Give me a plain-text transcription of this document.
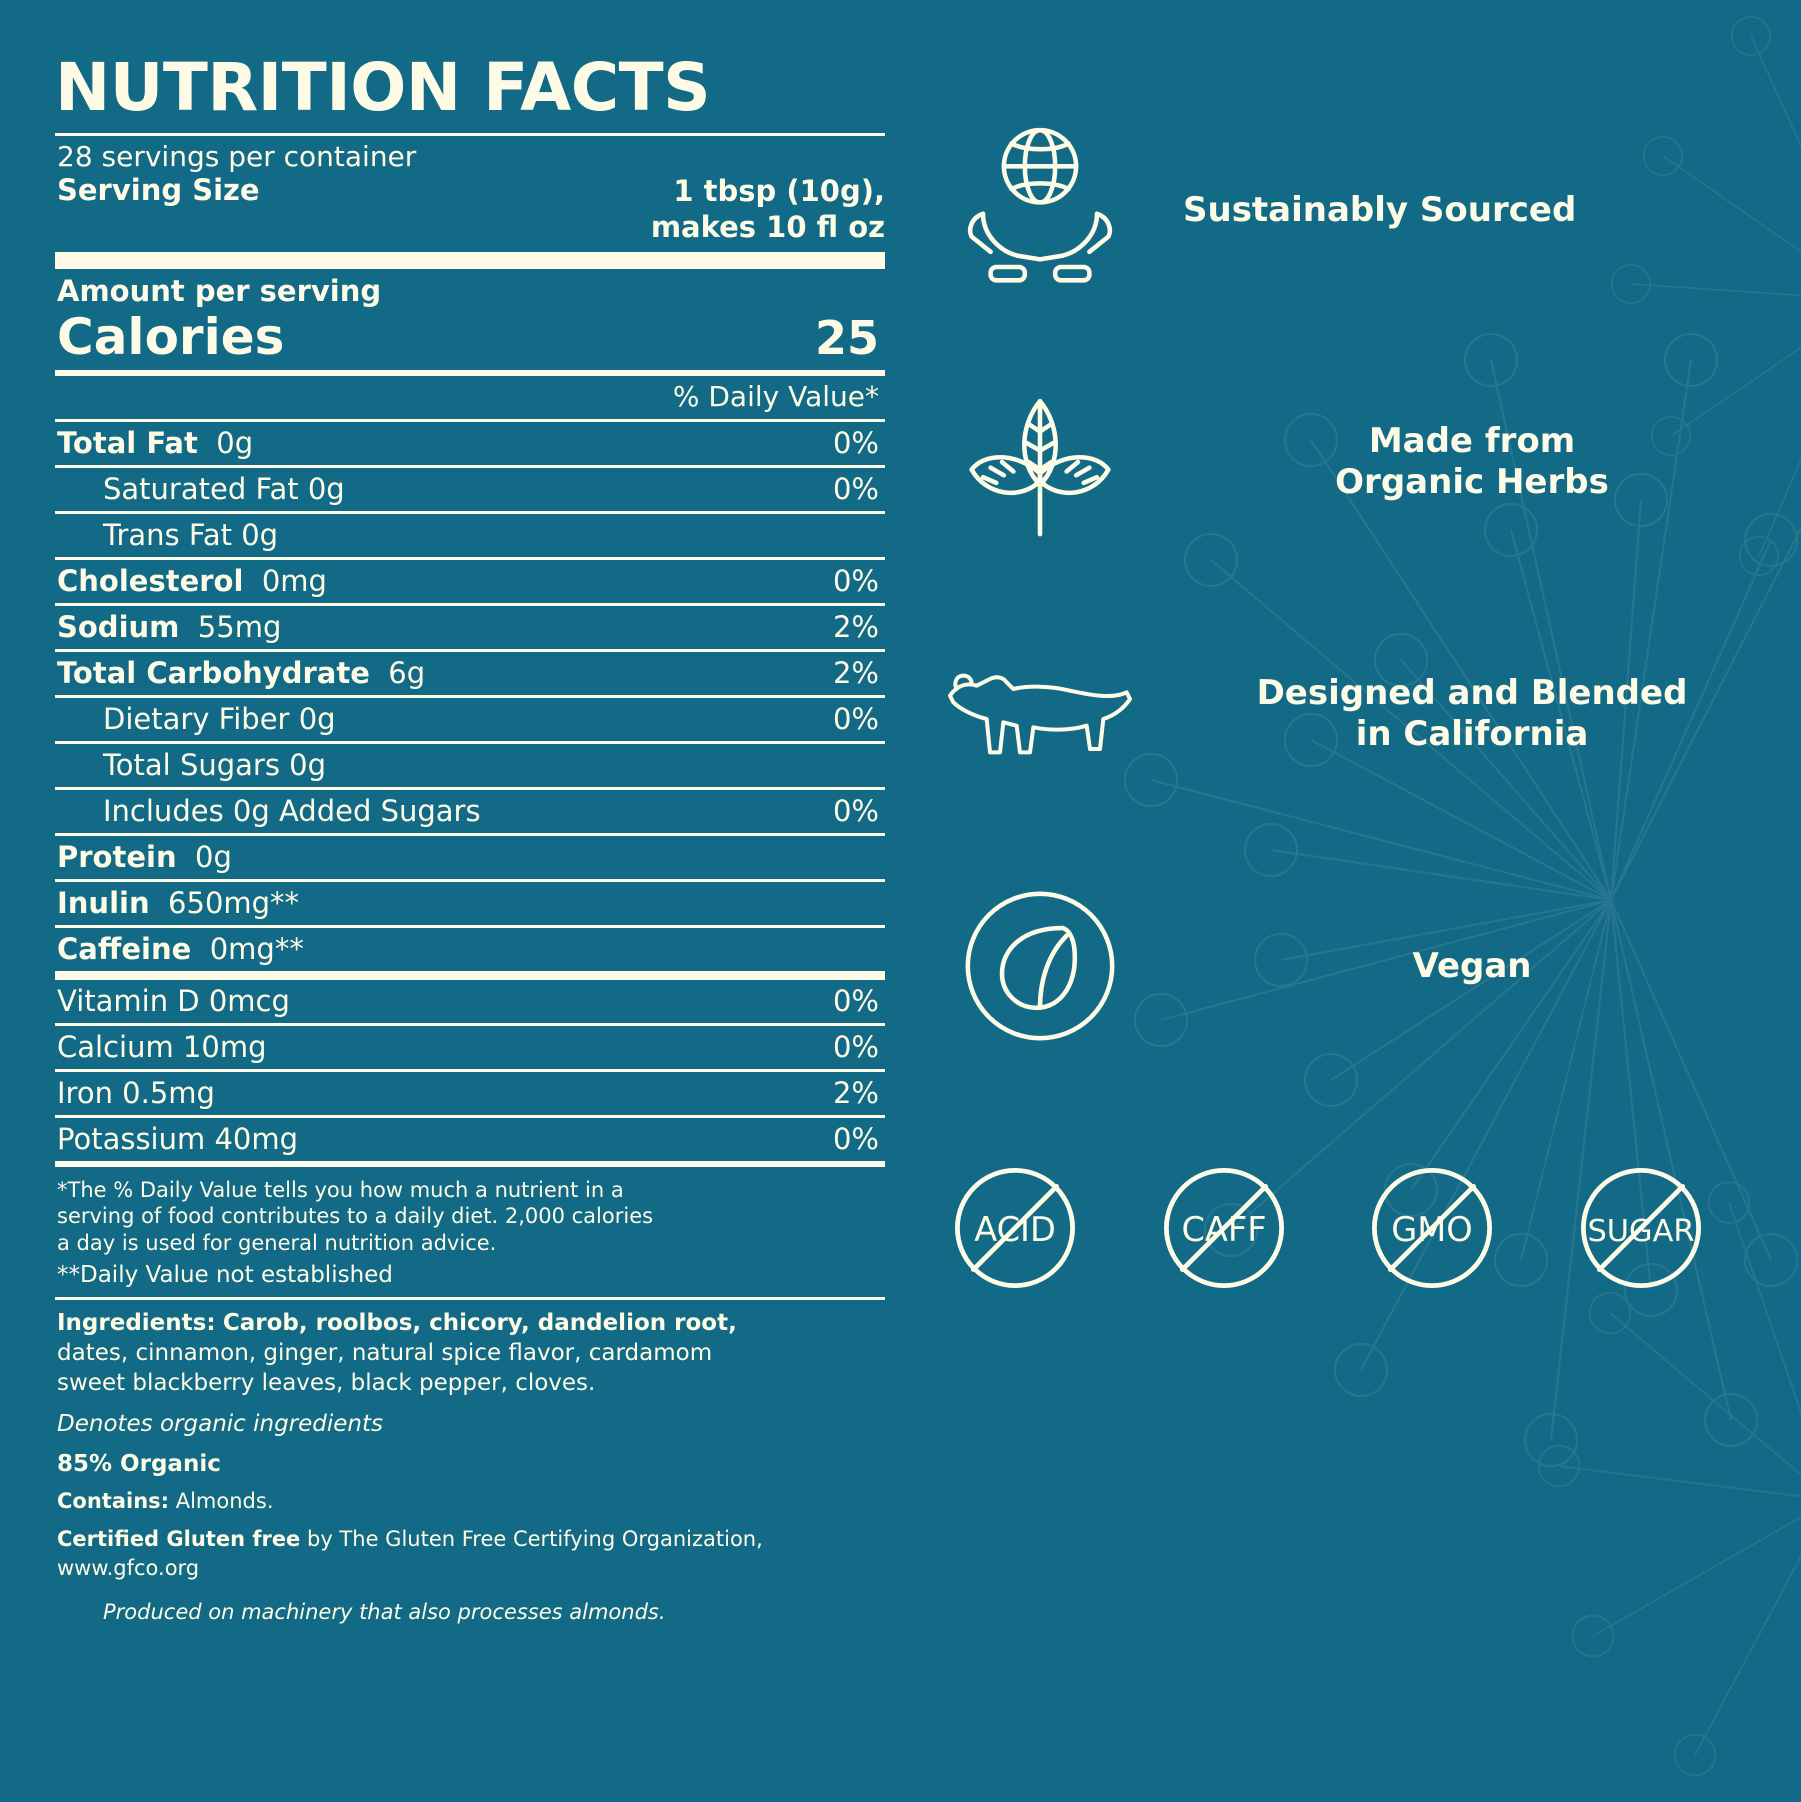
NUTRITION FACTS
28 servings per container
Serving Size	1 tbsp (10g),
makes 10 fl oz
Amount per serving
Calories	25
% Daily Value*
Total Fat  0g	0%
Saturated Fat 0g	0%
Trans Fat 0g
Cholesterol  0mg	0%
Sodium  55mg	2%
Total Carbohydrate  6g	2%
Dietary Fiber 0g	0%
Total Sugars 0g
Includes 0g Added Sugars	0%
Protein  0g
Inulin  650mg**
Caffeine  0mg**
Vitamin D 0mcg	0%
Calcium 10mg	0%
Iron 0.5mg	2%
Potassium 40mg	0%
*The % Daily Value tells you how much a nutrient in a
serving of food contributes to a daily diet. 2,000 calories
a day is used for general nutrition advice.
**Daily Value not established
Ingredients: Carob, roolbos, chicory, dandelion root,
dates, cinnamon, ginger, natural spice flavor, cardamom
sweet blackberry leaves, black pepper, cloves.
Denotes organic ingredients
85% Organic
Contains: Almonds.
Certified Gluten free by The Gluten Free Certifying Organization,
www.gfco.org
Produced on machinery that also processes almonds.
Sustainably Sourced
Made from
Organic Herbs
Designed and Blended
in California
Vegan
ACID	CAFF	GMO	SUGAR
